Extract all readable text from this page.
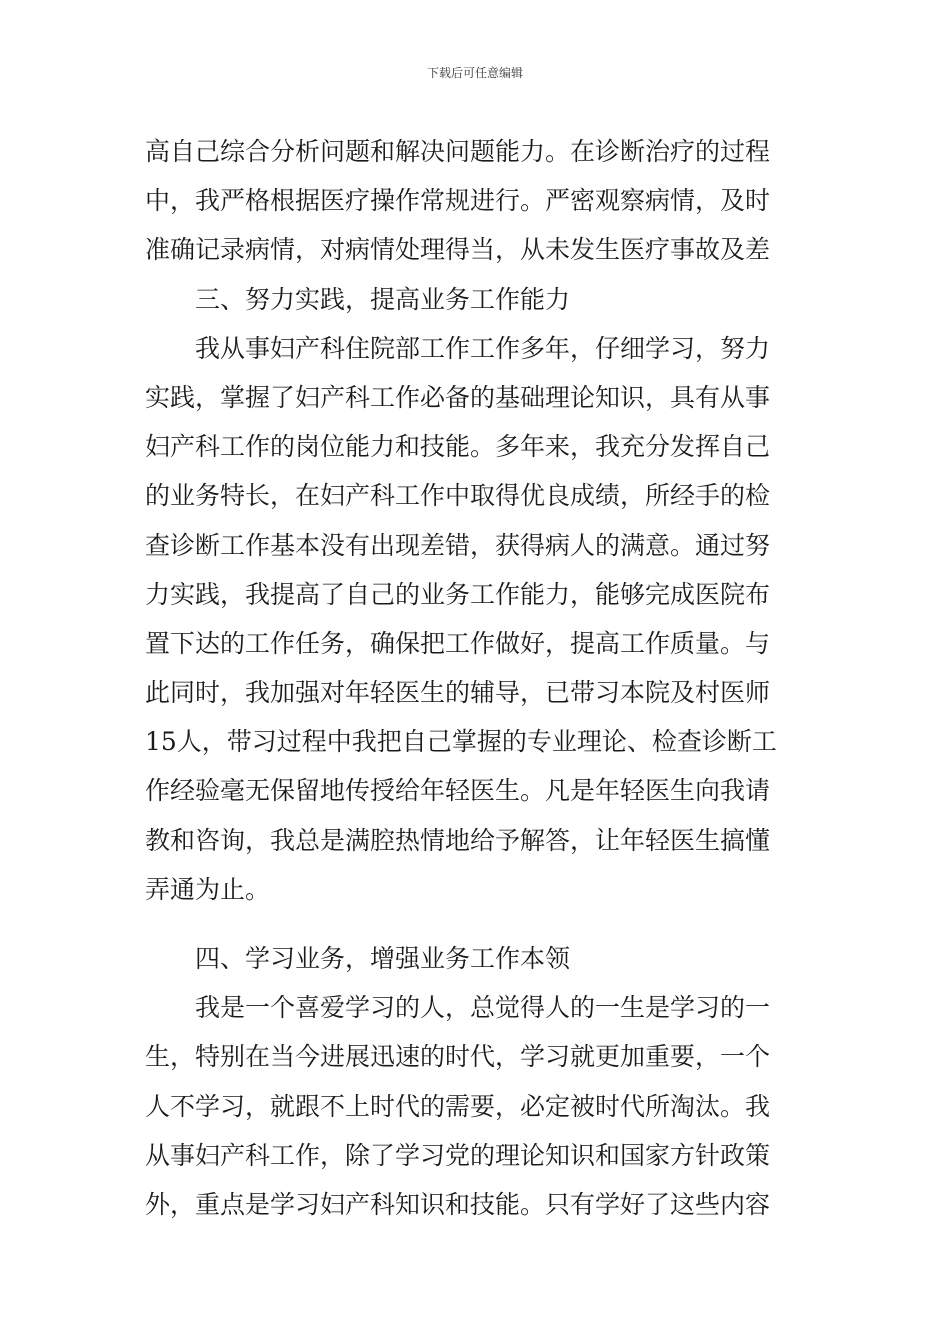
下载后可任意编辑
高自己综合分析问题和解决问题能力。在诊断治疗的过程
中，我严格根据医疗操作常规进行。严密观察病情，及时
准确记录病情，对病情处理得当，从未发生医疗事故及差
　　三、努力实践，提高业务工作能力
　　我从事妇产科住院部工作工作多年，仔细学习，努力
实践，掌握了妇产科工作必备的基础理论知识，具有从事
妇产科工作的岗位能力和技能。多年来，我充分发挥自己
的业务特长，在妇产科工作中取得优良成绩，所经手的检
查诊断工作基本没有出现差错，获得病人的满意。通过努
力实践，我提高了自己的业务工作能力，能够完成医院布
置下达的工作任务，确保把工作做好，提高工作质量。与
此同时，我加强对年轻医生的辅导，已带习本院及村医师
15人，带习过程中我把自己掌握的专业理论、检查诊断工
作经验毫无保留地传授给年轻医生。凡是年轻医生向我请
教和咨询，我总是满腔热情地给予解答，让年轻医生搞懂
弄通为止。
　　四、学习业务，增强业务工作本领
　　我是一个喜爱学习的人，总觉得人的一生是学习的一
生，特别在当今进展迅速的时代，学习就更加重要，一个
人不学习，就跟不上时代的需要，必定被时代所淘汰。我
从事妇产科工作，除了学习党的理论知识和国家方针政策
外，重点是学习妇产科知识和技能。只有学好了这些内容
